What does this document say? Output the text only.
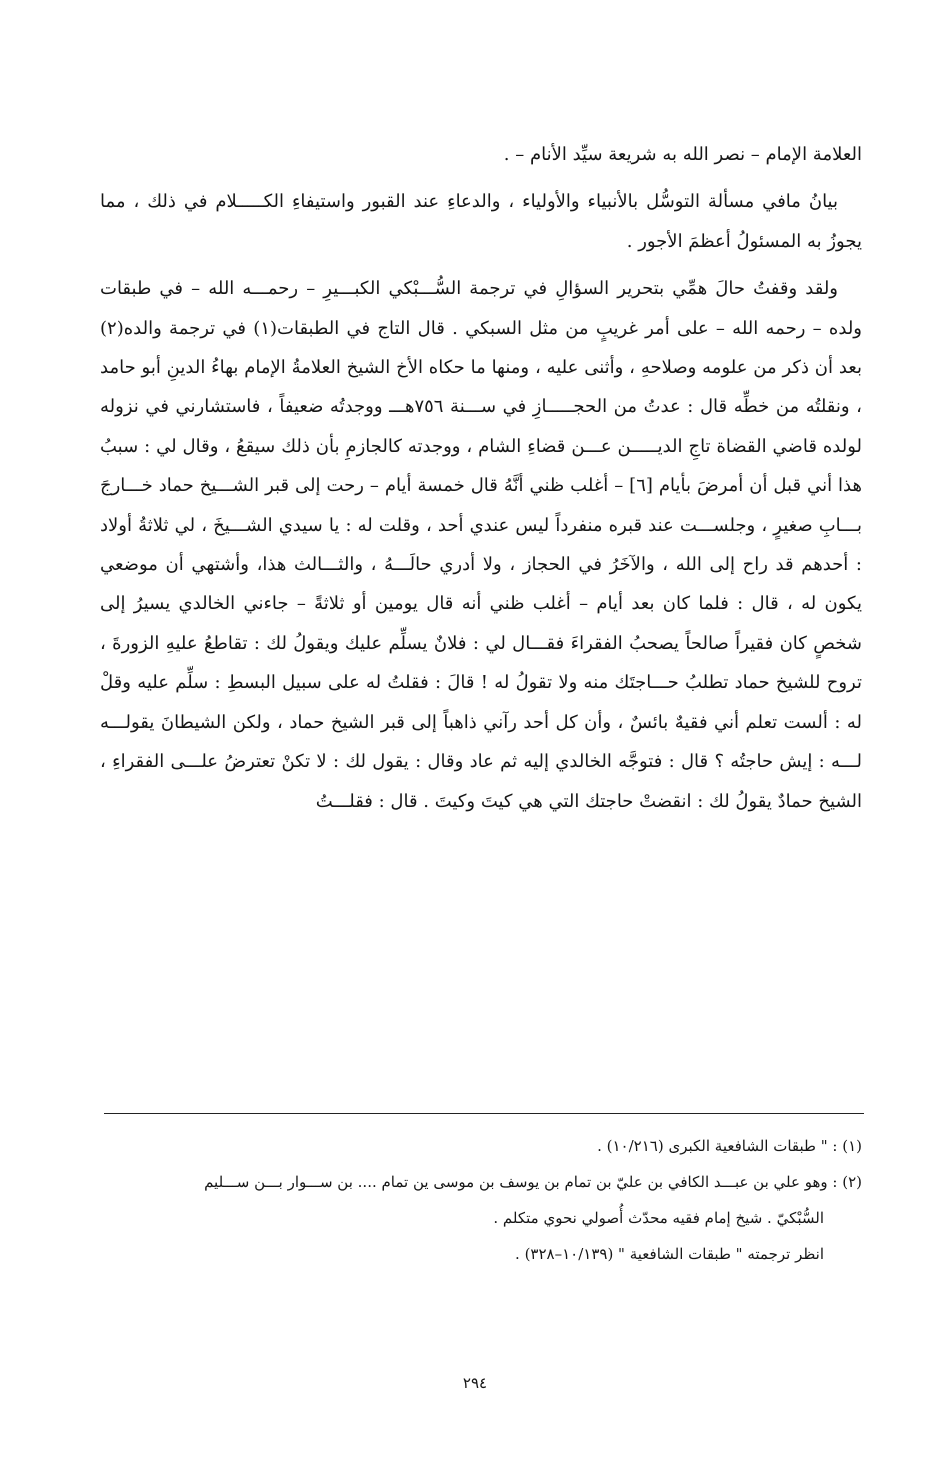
العلامة الإمام – نصر الله به شريعة سيِّد الأنام – .

بيانُ مافي مسألة التوسُّل بالأنبياء والأولياء ، والدعاءِ عند القبور واستيفاءِ الكـــــلام في ذلك ، مما يجوزُ به المسئولُ أعظمَ الأجور .

ولقد وقفتُ حالَ همِّي بتحرير السؤالِ في ترجمة السُّـــبْكي الكبـــيرِ – رحمـــه الله – في طبقات ولده – رحمه الله – على أمر غريبٍ من مثل السبكي . قال التاج في الطبقات(١) في ترجمة والده(٢) بعد أن ذكر من علومه وصلاحهِ ، وأثنى عليه ، ومنها ما حكاه الأخ الشيخ العلامةُ الإمام بهاءُ الدينِ أبو حامد ، ونقلتُه من خطِّه قال : عدتُ من الحجـــــازِ في ســـنة ٧٥٦هـــ ووجدتُه ضعيفاً ، فاستشارني في نزوله لولده قاضي القضاة تاجِ الديـــــن عـــن قضاءِ الشام ، ووجدته كالجازمِ بأن ذلك سيقعُ ، وقال لي : سببُ هذا أني قبل أن أمرضَ بأيام [٦] – أغلب ظني أنَّهُ قال خمسة أيام – رحت إلى قبر الشـــيخ حماد خـــارجَ بـــابِ صغيرٍ ، وجلســـت عند قبره منفرداً ليس عندي أحد ، وقلت له : يا سيدي الشـــيخَ ، لي ثلاثةُ أولاد : أحدهم قد راح إلى الله ، والآخَرُ في الحجاز ، ولا أدري حالَـــهُ ، والثـــالث هذا، وأشتهي أن موضعي يكون له ، قال : فلما كان بعد أيام – أغلب ظني أنه قال يومين أو ثلاثةً – جاءني الخالدي يسيرُ إلى شخصٍ كان فقيراً صالحاً يصحبُ الفقراءَ فقـــال لي : فلانٌ يسلِّم عليك ويقولُ لك : تقاطعُ عليهِ الزورةَ ، تروح للشيخ حماد تطلبُ حـــاجتَك منه ولا تقولُ له ! قالَ : فقلتُ له على سبيل البسطِ : سلِّم عليه وقلْ له : ألست تعلم أني فقيهٌ بائسٌ ، وأن كل أحد رآني ذاهباً إلى قبر الشيخ حماد ، ولكن الشيطانَ يقولـــه لـــه : إيش حاجتُه ؟ قال : فتوجَّه الخالدي إليه ثم عاد وقال : يقول لك : لا تكنْ تعترضُ علـــى الفقراءِ ، الشيخ حمادٌ يقولُ لك : انقضتْ حاجتك التي هي كيتَ وكيتَ . قال : فقلـــتُ

(١) : " طبقات الشافعية الكبرى (١٠/٢١٦) .

(٢) : وهو علي بن عبـــد الكافي بن عليّ بن تمام بن يوسف بن موسى ين تمام .... بن ســـوار بـــن ســـليم

السُّبْكيّ . شيخ إمام فقيه محدّث أُصولي نحوي متكلم .

انظر ترجمته " طبقات الشافعية " (١٠/١٣٩–٣٢٨) .

٢٩٤
